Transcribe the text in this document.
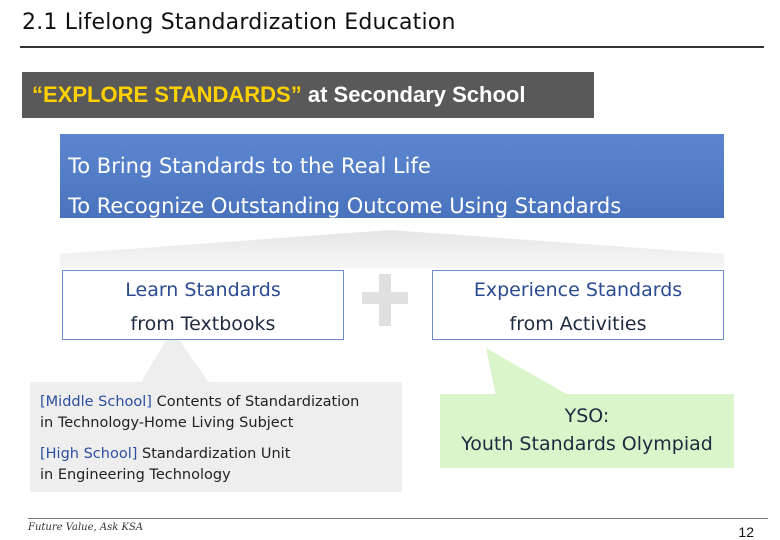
2.1 Lifelong Standardization Education
“EXPLORE STANDARDS” at Secondary School
To Bring Standards to the Real Life
To Recognize Outstanding Outcome Using Standards
Learn Standards
from Textbooks
Experience Standards
from Activities

[Middle School] Contents of Standardization
in Technology-Home Living Subject

[High School] Standardization Unit
in Engineering Technology

YSO:
Youth Standards Olympiad
Future Value, Ask KSA	12
